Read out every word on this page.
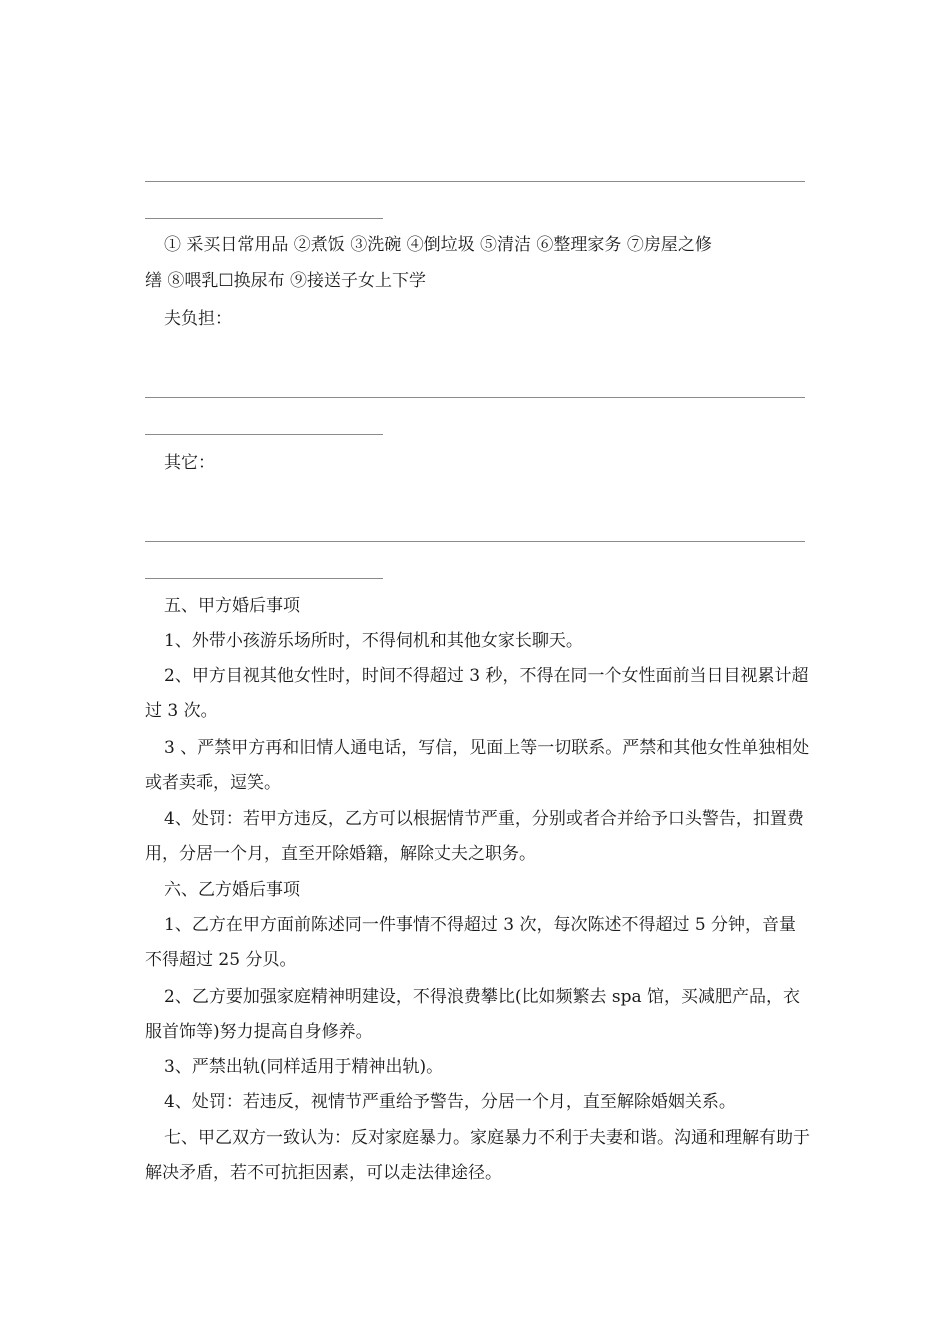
① 采买日常用品 ②煮饭 ③洗碗 ④倒垃圾 ⑤清洁 ⑥整理家务 ⑦房屋之修

缮 ⑧喂乳☐换尿布 ⑨接送子女上下学

夫负担：

其它：

五、甲方婚后事项

1、外带小孩游乐场所时，不得伺机和其他女家长聊天。

2、甲方目视其他女性时，时间不得超过 3 秒，不得在同一个女性面前当日目视累计超过 3 次。

3 、严禁甲方再和旧情人通电话，写信，见面上等一切联系。严禁和其他女性单独相处或者卖乖，逗笑。

4、处罚：若甲方违反，乙方可以根据情节严重，分别或者合并给予口头警告，扣置费用，分居一个月，直至开除婚籍，解除丈夫之职务。

六、乙方婚后事项

1、乙方在甲方面前陈述同一件事情不得超过 3 次，每次陈述不得超过 5 分钟，音量不得超过 25 分贝。

2、乙方要加强家庭精神明建设，不得浪费攀比(比如频繁去 spa 馆，买减肥产品，衣服首饰等)努力提高自身修养。

3、严禁出轨(同样适用于精神出轨)。

4、处罚：若违反，视情节严重给予警告，分居一个月，直至解除婚姻关系。

七、甲乙双方一致认为：反对家庭暴力。家庭暴力不利于夫妻和谐。沟通和理解有助于解决矛盾，若不可抗拒因素，可以走法律途径。
